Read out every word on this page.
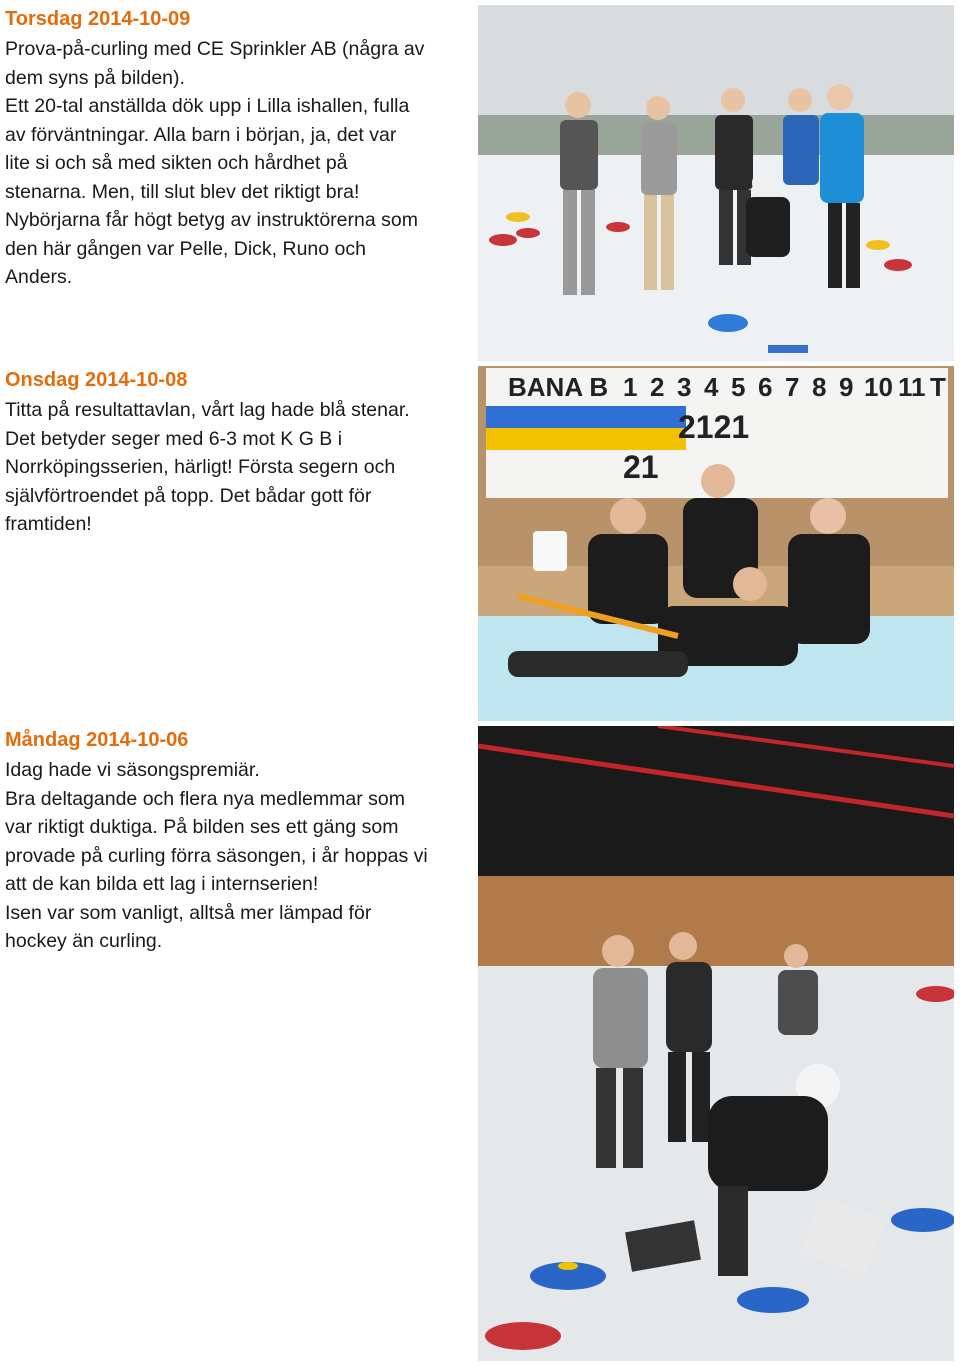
Torsdag 2014-10-09

Prova-på-curling med CE Sprinkler AB (några av

dem syns på bilden).

Ett 20-tal anställda dök upp i Lilla ishallen, fulla

av förväntningar. Alla barn i början, ja, det var

lite si och så med sikten och hårdhet på

stenarna. Men, till slut blev det riktigt bra!

Nybörjarna får högt betyg av instruktörerna som

den här gången var Pelle, Dick, Runo och

Anders.

Onsdag 2014-10-08

Titta på resultattavlan, vårt lag hade blå stenar.

Det betyder seger med 6-3 mot K G B i

Norrköpingsserien, härligt! Första segern och

självförtroendet på topp. Det bådar gott för

framtiden!

Måndag 2014-10-06

Idag hade vi säsongspremiär.

Bra deltagande och flera nya medlemmar som

var riktigt duktiga. På bilden ses ett gäng som

provade på curling förra säsongen, i år hoppas vi

att de kan bilda ett lag i internserien!

Isen var som vanligt, alltså mer lämpad för

hockey än curling.

BANA B 1 2 3 4 5 6 7 8 9 10 11 T
2121
21
